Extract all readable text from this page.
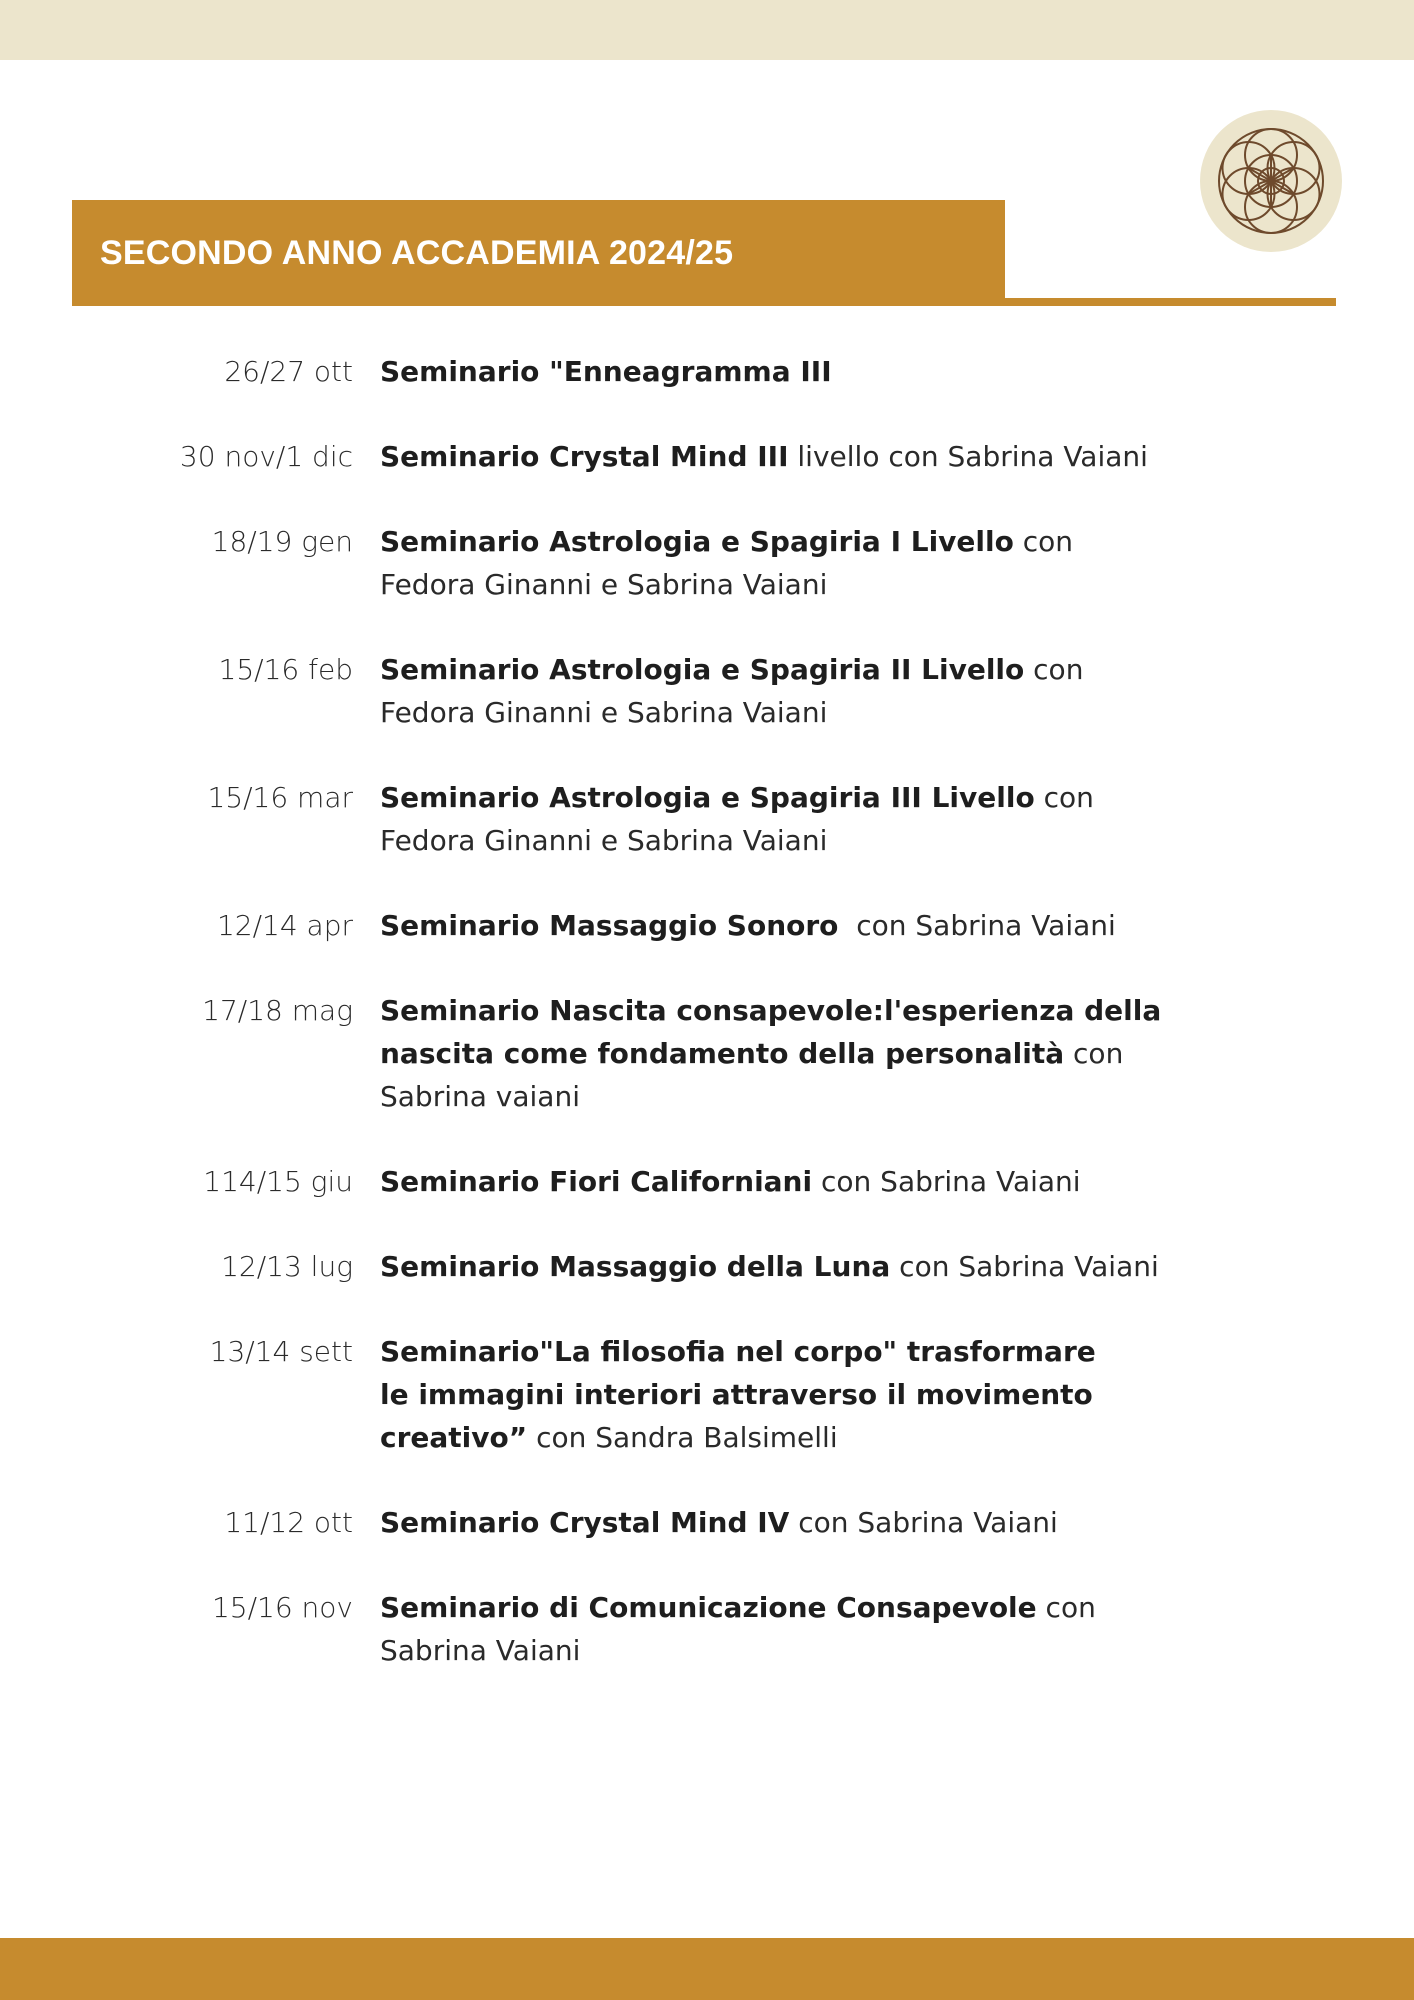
SECONDO ANNO ACCADEMIA 2024/25
26/27 ott Seminario "Enneagramma III
30 nov/1 dic Seminario Crystal Mind III livello con Sabrina Vaiani
18/19 gen Seminario Astrologia e Spagiria I Livello con Fedora Ginanni e Sabrina Vaiani
15/16 feb Seminario Astrologia e Spagiria II Livello con Fedora Ginanni e Sabrina Vaiani
15/16 mar Seminario Astrologia e Spagiria III Livello con Fedora Ginanni e Sabrina Vaiani
12/14 apr Seminario Massaggio Sonoro  con Sabrina Vaiani
17/18 mag Seminario Nascita consapevole:l'esperienza della nascita come fondamento della personalità con Sabrina vaiani
114/15 giu Seminario Fiori Californiani con Sabrina Vaiani
12/13 lug Seminario Massaggio della Luna con Sabrina Vaiani
13/14 sett Seminario"La filosofia nel corpo" trasformare le immagini interiori attraverso il movimento creativo” con Sandra Balsimelli
11/12 ott Seminario Crystal Mind IV con Sabrina Vaiani
15/16 nov Seminario di Comunicazione Consapevole con  Sabrina Vaiani
